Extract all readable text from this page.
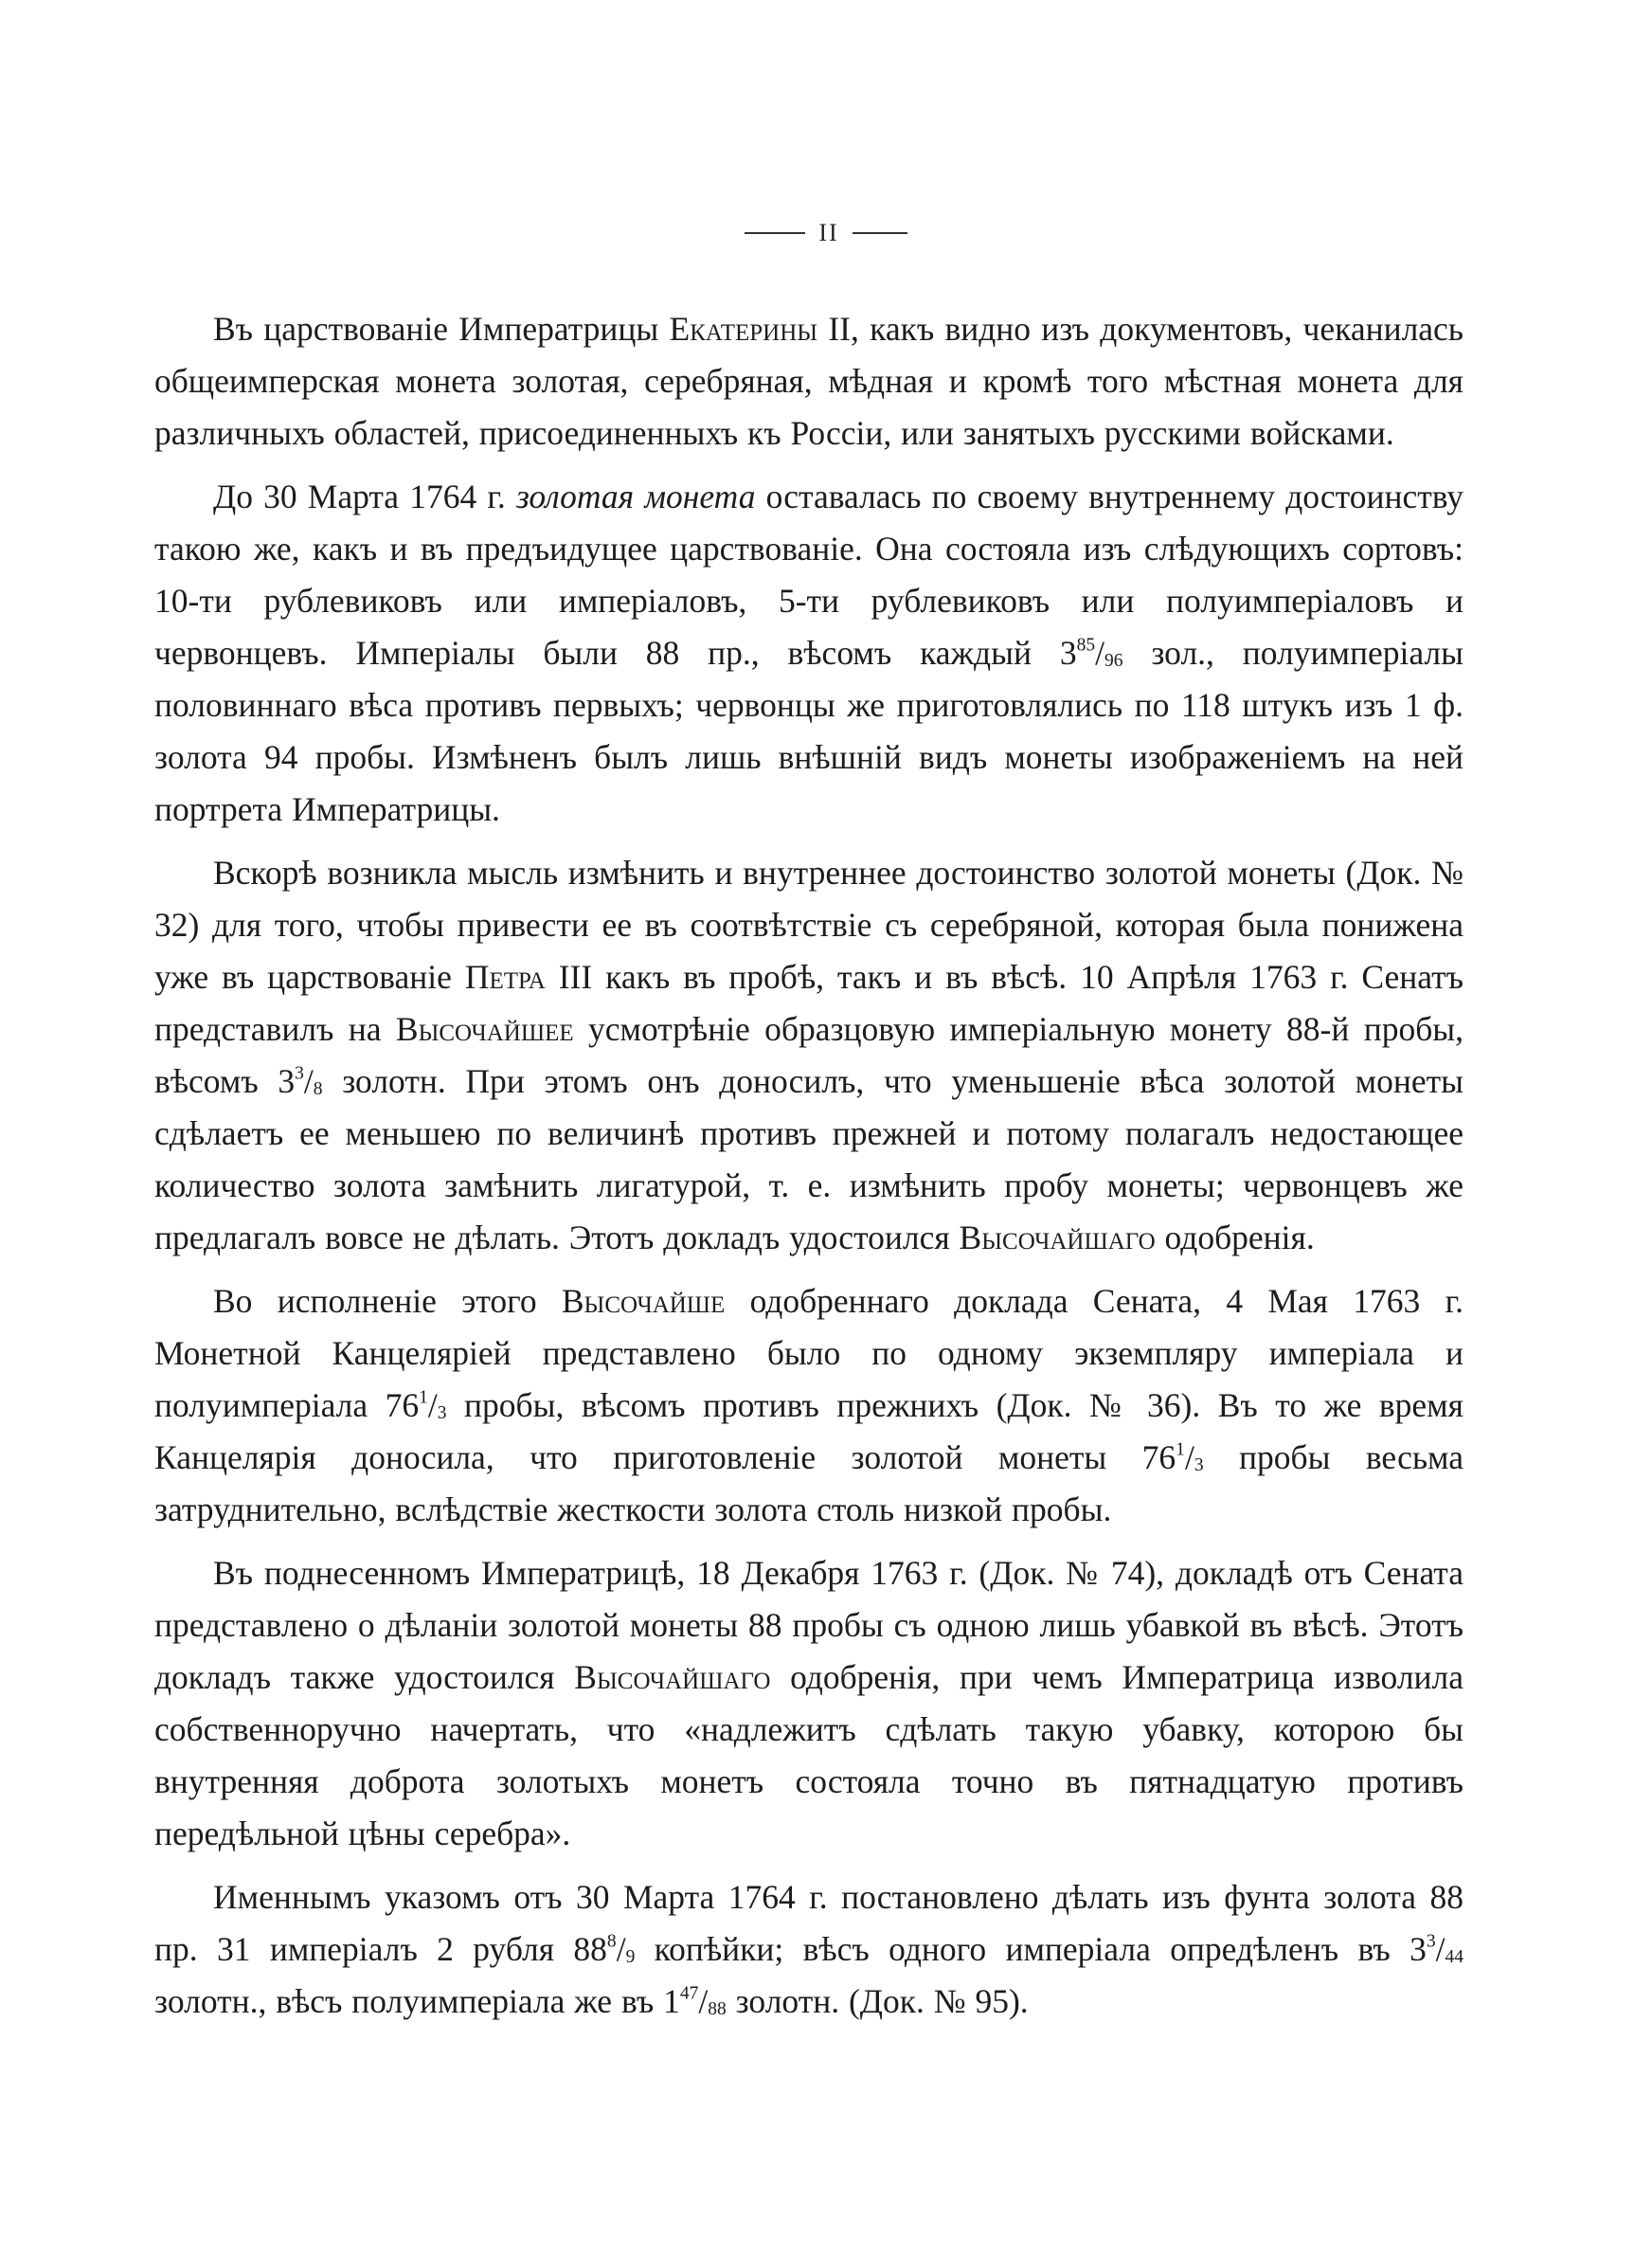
II

Въ царствованіе Императрицы Екатерины II, какъ видно изъ документовъ, чеканилась общеимперская монета золотая, серебряная, мѣдная и кромѣ того мѣстная монета для различныхъ областей, присоединенныхъ къ Россіи, или занятыхъ русскими войсками.

До 30 Марта 1764 г. золотая монета оставалась по своему внутреннему достоинству такою же, какъ и въ предъидущее царствованіе. Она состояла изъ слѣдующихъ сортовъ: 10-ти рублевиковъ или имперіаловъ, 5-ти рублевиковъ или полуимперіаловъ и червонцевъ. Имперіалы были 88 пр., вѣсомъ каждый $3^{85}/_{96}$ зол., полуимперіалы половиннаго вѣса противъ первыхъ; червонцы же приготовлялись по 118 штукъ изъ 1 ф. золота 94 пробы. Измѣненъ былъ лишь внѣшній видъ монеты изображеніемъ на ней портрета Императрицы.

Вскорѣ возникла мысль измѣнить и внутреннее достоинство золотой монеты (Док. № 32) для того, чтобы привести ее въ соотвѣтствіе съ серебряной, которая была понижена уже въ царствованіе Петра III какъ въ пробѣ, такъ и въ вѣсѣ. 10 Апрѣля 1763 г. Сенатъ представилъ на Высочайшее усмотрѣніе образцовую имперіальную монету 88-й пробы, вѣсомъ $3^3/_8$ золотн. При этомъ онъ доносилъ, что уменьшеніе вѣса золотой монеты сдѣлаетъ ее меньшею по величинѣ противъ прежней и потому полагалъ недостающее количество золота замѣнить лигатурой, т. е. измѣнить пробу монеты; червонцевъ же предлагалъ вовсе не дѣлать. Этотъ докладъ удостоился Высочайшаго одобренія.

Во исполненіе этого Высочайше одобреннаго доклада Сената, 4 Мая 1763 г. Монетной Канцеляріей представлено было по одному экземпляру имперіала и полуимперіала $76^1/_3$ пробы, вѣсомъ противъ прежнихъ (Док. № 36). Въ то же время Канцелярія доносила, что приготовленіе золотой монеты $76^1/_3$ пробы весьма затруднительно, вслѣдствіе жесткости золота столь низкой пробы.

Въ поднесенномъ Императрицѣ, 18 Декабря 1763 г. (Док. № 74), докладѣ отъ Сената представлено о дѣланіи золотой монеты 88 пробы съ одною лишь убавкой въ вѣсѣ. Этотъ докладъ также удостоился Высочайшаго одобренія, при чемъ Императрица изволила собственноручно начертать, что «надлежитъ сдѣлать такую убавку, которою бы внутренняя доброта золотыхъ монетъ состояла точно въ пятнадцатую противъ передѣльной цѣны серебра».

Именнымъ указомъ отъ 30 Марта 1764 г. постановлено дѣлать изъ фунта золота 88 пр. 31 имперіалъ 2 рубля $88^8/_9$ копѣйки; вѣсъ одного имперіала опредѣленъ въ $3^3/_{44}$ золотн., вѣсъ полуимперіала же въ $1^{47}/_{88}$ золотн. (Док. № 95).
